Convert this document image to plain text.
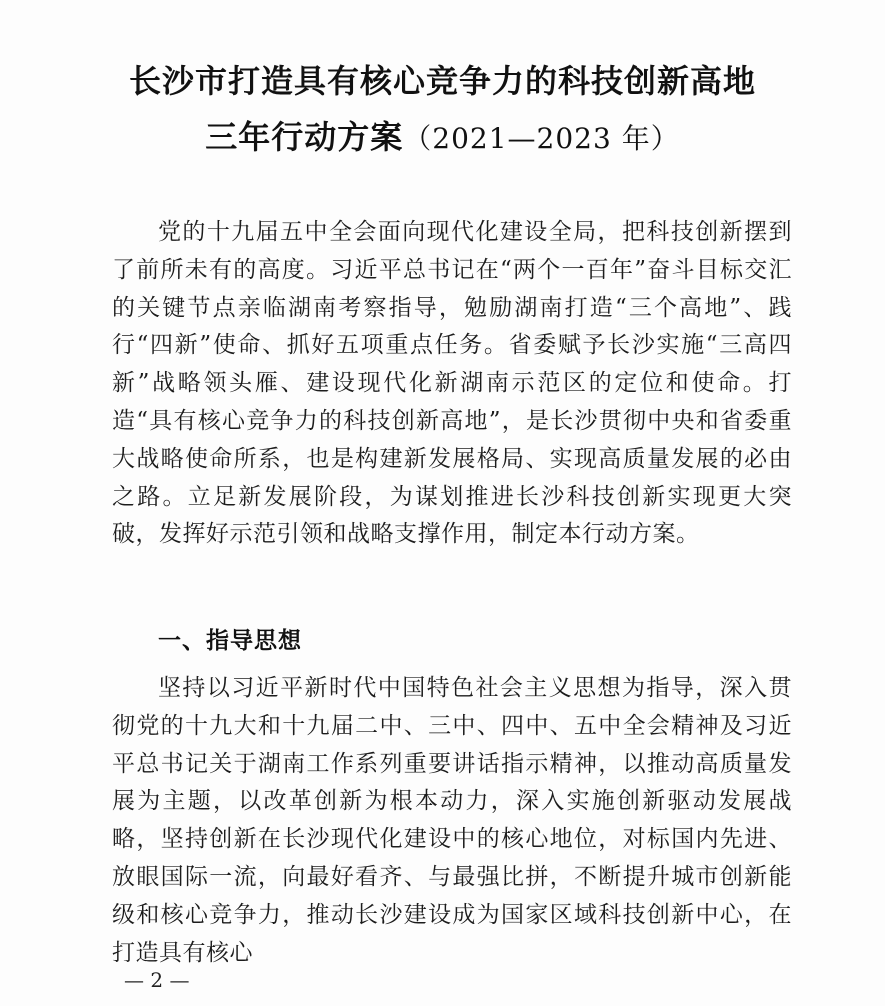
长沙市打造具有核心竞争力的科技创新高地
三年行动方案（2021—2023 年）
党的十九届五中全会面向现代化建设全局，把科技创新摆到了前所未有的高度。习近平总书记在“两个一百年”奋斗目标交汇的关键节点亲临湖南考察指导，勉励湖南打造“三个高地”、践行“四新”使命、抓好五项重点任务。省委赋予长沙实施“三高四新”战略领头雁、建设现代化新湖南示范区的定位和使命。打造“具有核心竞争力的科技创新高地”，是长沙贯彻中央和省委重大战略使命所系，也是构建新发展格局、实现高质量发展的必由之路。立足新发展阶段，为谋划推进长沙科技创新实现更大突破，发挥好示范引领和战略支撑作用，制定本行动方案。
一、指导思想
坚持以习近平新时代中国特色社会主义思想为指导，深入贯彻党的十九大和十九届二中、三中、四中、五中全会精神及习近平总书记关于湖南工作系列重要讲话指示精神，以推动高质量发展为主题，以改革创新为根本动力，深入实施创新驱动发展战略，坚持创新在长沙现代化建设中的核心地位，对标国内先进、放眼国际一流，向最好看齐、与最强比拼，不断提升城市创新能级和核心竞争力，推动长沙建设成为国家区域科技创新中心，在打造具有核心
— 2 —
